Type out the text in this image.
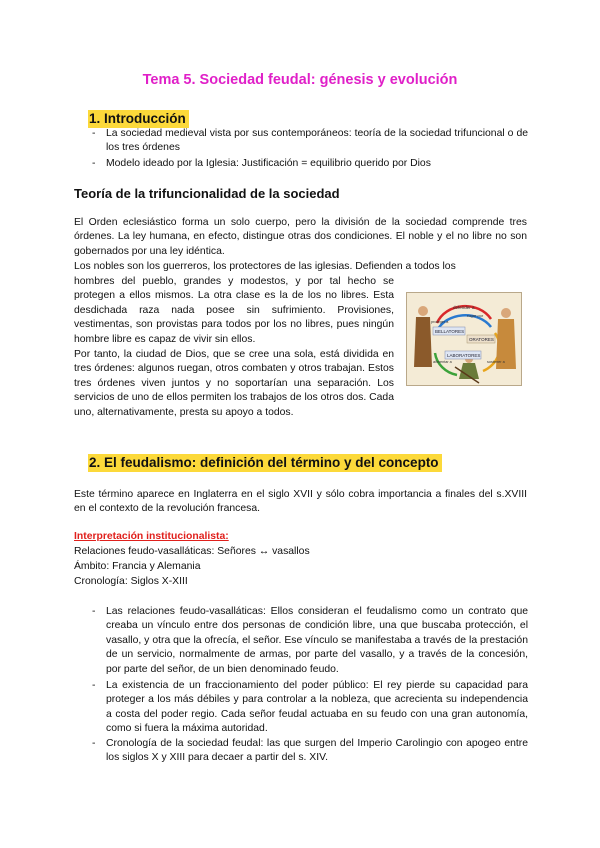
Tema 5. Sociedad feudal: génesis y evolución
1. Introducción
- La sociedad medieval vista por sus contemporáneos: teoría de la sociedad trifuncional o de los tres órdenes
- Modelo ideado por la Iglesia: Justificación = equilibrio querido por Dios
Teoría de la trifuncionalidad de la sociedad

El Orden eclesiástico forma un solo cuerpo, pero la división de la sociedad comprende tres órdenes. La ley humana, en efecto, distingue otras dos condiciones. El noble y el no libre no son gobernados por una ley idéntica.

Los nobles son los guerreros, los protectores de las iglesias. Defienden a todos los

hombres del pueblo, grandes y modestos, y por tal hecho se protegen a ellos mismos. La otra clase es la de los no libres. Esta desdichada raza nada posee sin sufrimiento. Provisiones, vestimentas, son provistas para todos por los no libres, pues ningún hombre libre es capaz de vivir sin ellos.

Por tanto, la ciudad de Dios, que se cree una sola, está dividida en tres órdenes: algunos ruegan, otros combaten y otros trabajan. Estos tres órdenes viven juntos y no soportarían una separación. Los servicios de uno de ellos permiten los trabajos de los otros dos. Cada uno, alternativamente, presta su apoyo a todos.

defender a
rogar por
BELLATORES
ORATORES
LABORATORES
alimentar a	sostener a
proteger a
2. El feudalismo: definición del término y del concepto

Este término aparece en Inglaterra en el siglo XVII y sólo cobra importancia a finales del s.XVIII en el contexto de la revolución francesa.

Interpretación institucionalista:
Relaciones feudo-vasalláticas: Señores ↔ vasallos
Ámbito: Francia y Alemania
Cronología: Siglos X-XIII
- Las relaciones feudo-vasalláticas: Ellos consideran el feudalismo como un contrato que creaba un vínculo entre dos personas de condición libre, una que buscaba protección, el vasallo, y otra que la ofrecía, el señor. Ese vínculo se manifestaba a través de la prestación de un servicio, normalmente de armas, por parte del vasallo, y a través de la concesión, por parte del señor, de un bien denominado feudo.
- La existencia de un fraccionamiento del poder público: El rey pierde su capacidad para proteger a los más débiles y para controlar a la nobleza, que acrecienta su independencia a costa del poder regio. Cada señor feudal actuaba en su feudo con una gran autonomía, como si fuera la máxima autoridad.
- Cronología de la sociedad feudal: las que surgen del Imperio Carolingio con apogeo entre los siglos X y XIII para decaer a partir del s. XIV.
